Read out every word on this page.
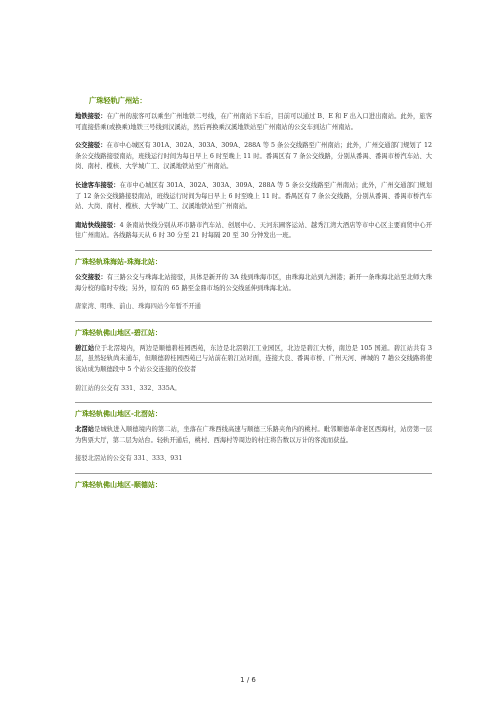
广珠轻轨广州站：

地铁接驳：在广州的旅客可以乘坐广州地铁二号线，在广州南站下车后，目前可以通过 B、E 和 F 出入口进出南站。此外，旅客可直接搭乘(或换乘)地铁三号线到汉溪站，然后再换乘汉溪地铁站至广州南站的公交车到达广州南站。

公交接驳：在市中心城区有 301A、302A、303A、309A、288A 等 5 条公交线路至广州南站；此外，广州交通部门规划了 12 条公交线路接驳南站，班线运行时间为每日早上 6 时至晚上 11 时。番禺区有 7 条公交线路，分别从番禺、番禺市桥汽车站、大岗、南村、榄核、大学城广工、汉溪地铁站至广州南站。

长途客车接驳：在市中心城区有 301A、302A、303A、309A、288A 等 5 条公交线路至广州南站；此外，广州交通部门规划了 12 条公交线路接驳南站，班线运行时间为每日早上 6 时至晚上 11 时。番禺区有 7 条公交线路，分别从番禺、番禺市桥汽车站、大岗、南村、榄核、大学城广工、汉溪地铁站至广州南站。

南站快线接驳：4 条南站快线分别从环市路市汽车站、创展中心、天河东圃客运站、越秀江湾大酒店等市中心区主要商贸中心开往广州南站。各线路每天从 6 时 30 分至 21 时每隔 20 至 30 分钟发出一班。

广珠轻轨珠海站-珠海北站：

公交接驳：有三路公交与珠海北站接驳，具体是新开的 3A 线到珠海市区，由珠海北站到九洲港；新开一条珠海北站至北师大珠海分校的临时专线；另外，原有的 65 路至金鼎市场的公交线延伸到珠海北站。

唐家湾、明珠、前山、珠海四站今年暂不开通

广珠轻轨佛山地区-碧江站：

碧江站位于北滘境内，两边是顺德碧桂园西苑，东边是北滘碧江工业园区，北边是碧江大桥，南边是 105 国道。碧江站共有 3 层，虽然轻轨尚未通车，但顺德碧桂园西苑已与站前在碧江站对面，连接大良、番禺市桥、广州天河、禅城的 7 趟公交线路将使该站成为顺德段中 5 个站公交连接的佼佼者

碧江站的公交有 331、332、335A。

广珠轻轨佛山地区-北滘站：

北滘站是城轨进入顺德境内的第二站，坐落在广珠西线高速与顺德三乐路夹角内的桃村。毗邻顺德革命老区西海村，站房第一层为售票大厅，第二层为站台。轻轨开通后，桃村、西海村等周边的村庄将告数以万计的客流而获益。

接驳北滘站的公交有 331、333、931

广珠轻轨佛山地区-顺德站：
1 / 6
